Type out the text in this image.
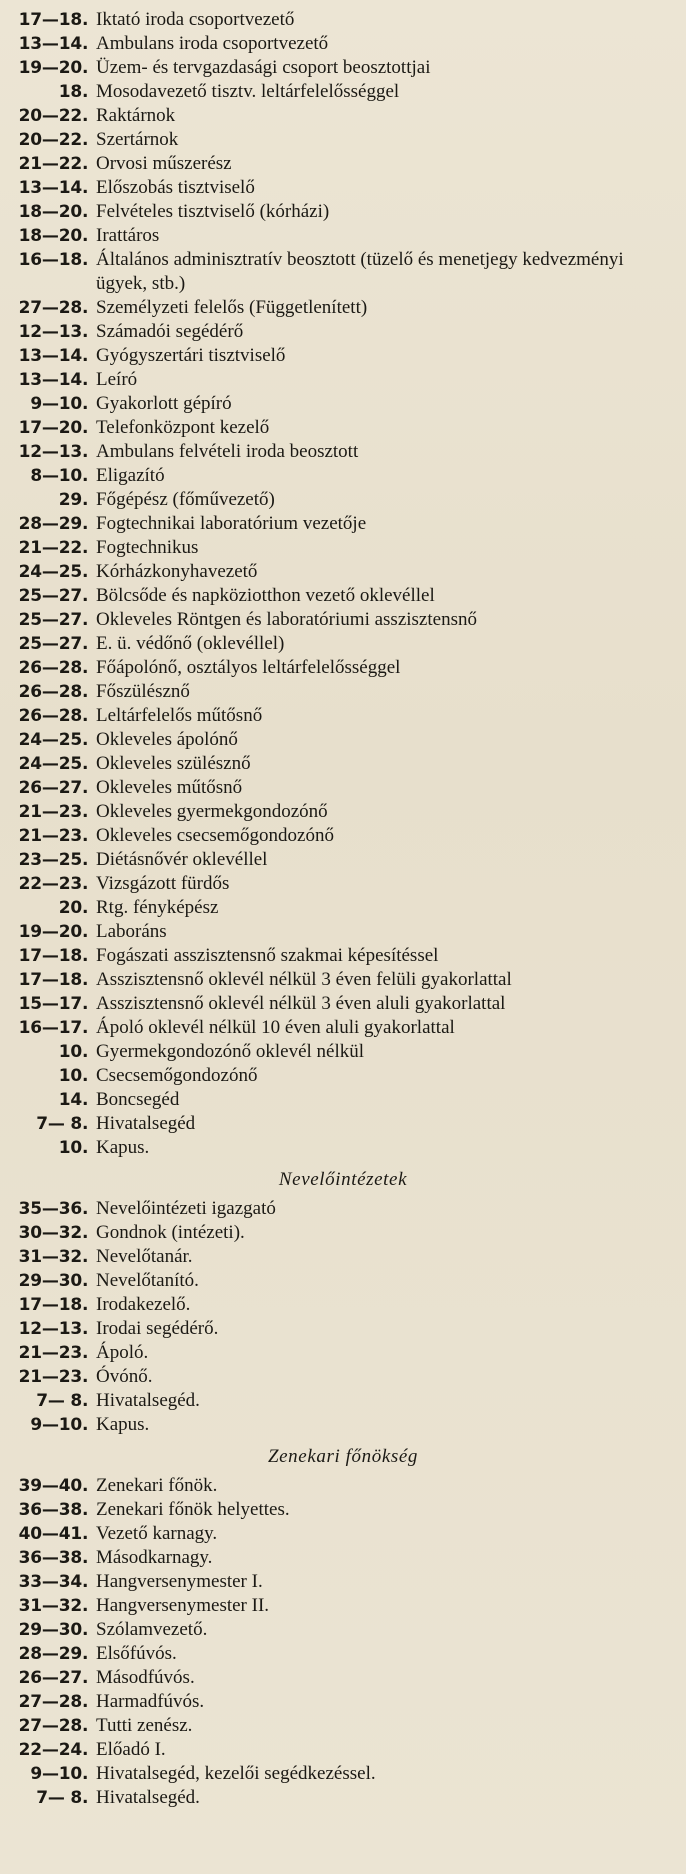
17—18 . Iktató iroda csoportvezető
13—14 . Ambulans iroda csoportvezető
19—20 . Üzem- és tervgazdasági csoport beosztottjai
18 . Mosodavezető tisztv. leltárfelelősséggel
20—22 . Raktárnok
20—22 . Szertárnok
21—22 . Orvosi műszerész
13—14 . Előszobás tisztviselő
18—20 . Felvételes tisztviselő (kórházi)
18—20 . Irattáros
16—18 . Általános adminisztratív beosztott (tüzelő és menetjegy kedvezményi ügyek, stb.)
27—28 . Személyzeti felelős (Függetlenített)
12—13 . Számadói segédérő
13—14 . Gyógyszertári tisztviselő
13—14 . Leíró
9—10 . Gyakorlott gépíró
17—20 . Telefonközpont kezelő
12—13 . Ambulans felvételi iroda beosztott
8—10 . Eligazító
29 . Főgépész (főművezető)
28—29 . Fogtechnikai laboratórium vezetője
21—22 . Fogtechnikus
24—25 . Kórházkonyhavezető
25—27 . Bölcsőde és napköziotthon vezető oklevéllel
25—27 . Okleveles Röntgen és laboratóriumi asszisztensnő
25—27 . E. ü. védőnő (oklevéllel)
26—28 . Főápolónő, osztályos leltárfelelősséggel
26—28 . Főszülésznő
26—28 . Leltárfelelős műtősnő
24—25 . Okleveles ápolónő
24—25 . Okleveles szülésznő
26—27 . Okleveles műtősnő
21—23 . Okleveles gyermekgondozónő
21—23 . Okleveles csecsemőgondozónő
23—25 . Diétásnővér oklevéllel
22—23 . Vizsgázott fürdős
20 . Rtg. fényképész
19—20 . Laboráns
17—18 . Fogászati asszisztensnő szakmai képesítéssel
17—18 . Asszisztensnő oklevél nélkül 3 éven felüli gyakorlattal
15—17 . Asszisztensnő oklevél nélkül 3 éven aluli gyakorlattal
16—17 . Ápoló oklevél nélkül 10 éven aluli gyakorlattal
10 . Gyermekgondozónő oklevél nélkül
10 . Csecsemőgondozónő
14 . Boncsegéd
7— 8 . Hivatalsegéd
10 . Kapus.
Nevelőintézetek
35—36 . Nevelőintézeti igazgató
30—32 . Gondnok (intézeti).
31—32 . Nevelőtanár.
29—30 . Nevelőtanító.
17—18 . Irodakezelő.
12—13 . Irodai segédérő.
21—23 . Ápoló.
21—23 . Óvónő.
7— 8 . Hivatalsegéd.
9—10 . Kapus.
Zenekari főnökség
39—40 . Zenekari főnök.
36—38 . Zenekari főnök helyettes.
40—41 . Vezető karnagy.
36—38 . Másodkarnagy.
33—34 . Hangversenymester I.
31—32 . Hangversenymester II.
29—30 . Szólamvezető.
28—29 . Elsőfúvós.
26—27 . Másodfúvós.
27—28 . Harmadfúvós.
27—28 . Tutti zenész.
22—24 . Előadó I.
9—10 . Hivatalsegéd, kezelői segédkezéssel.
7— 8 . Hivatalsegéd.
